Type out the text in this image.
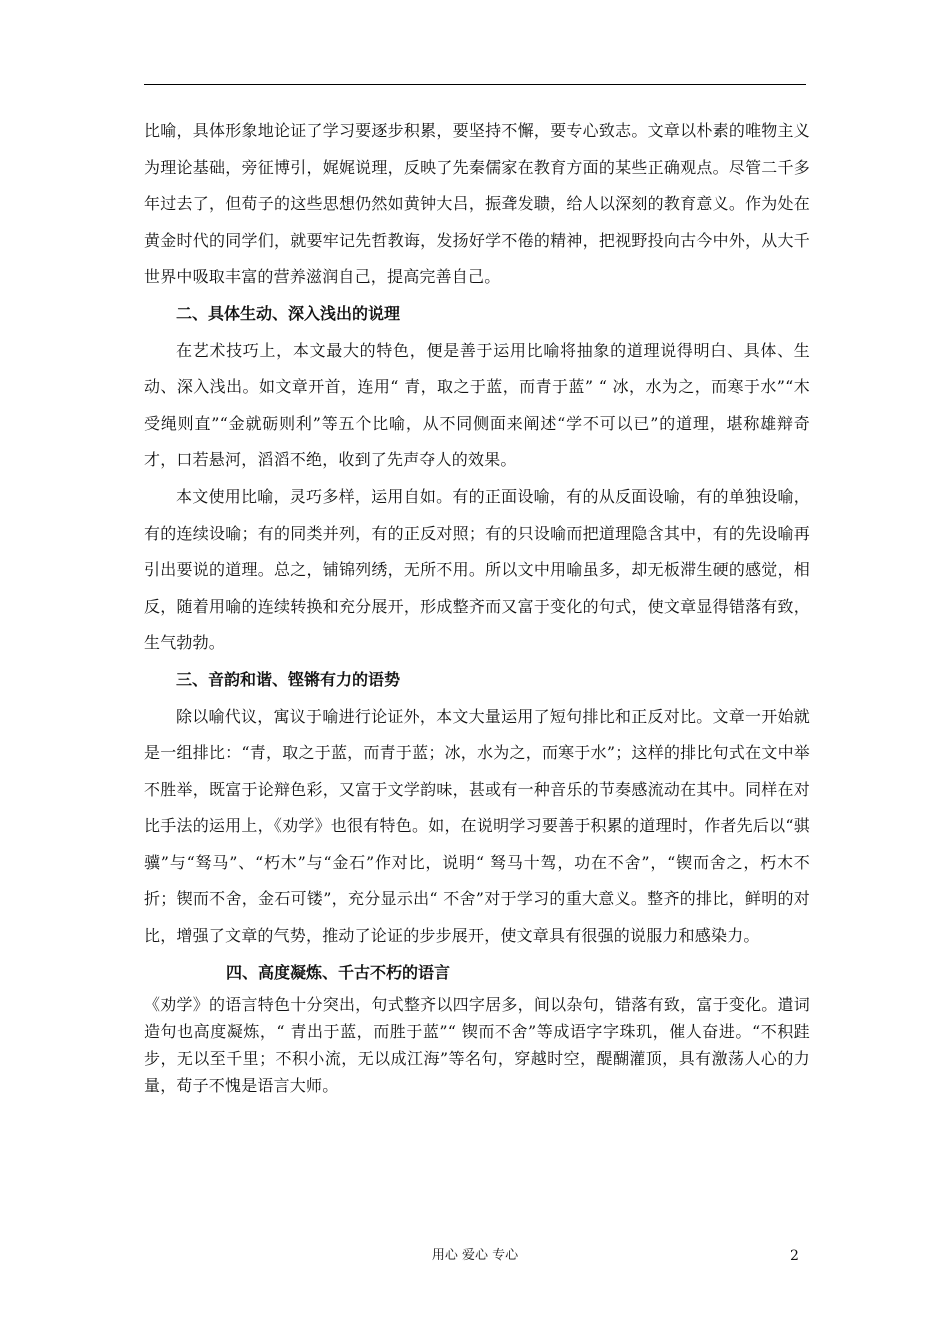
比喻，具体形象地论证了学习要逐步积累，要坚持不懈，要专心致志。文章以朴素的唯物主义为理论基础，旁征博引，娓娓说理，反映了先秦儒家在教育方面的某些正确观点。尽管二千多年过去了，但荀子的这些思想仍然如黄钟大吕，振聋发聩，给人以深刻的教育意义。作为处在黄金时代的同学们，就要牢记先哲教诲，发扬好学不倦的精神，把视野投向古今中外，从大千世界中吸取丰富的营养滋润自己，提高完善自己。

二、具体生动、深入浅出的说理

在艺术技巧上，本文最大的特色，便是善于运用比喻将抽象的道理说得明白、具体、生动、深入浅出。如文章开首，连用“ 青，取之于蓝，而青于蓝” “ 冰，水为之，而寒于水”“木受绳则直”“金就砺则利”等五个比喻，从不同侧面来阐述“学不可以已”的道理，堪称雄辩奇才，口若悬河，滔滔不绝，收到了先声夺人的效果。

本文使用比喻，灵巧多样，运用自如。有的正面设喻，有的从反面设喻，有的单独设喻，有的连续设喻；有的同类并列，有的正反对照；有的只设喻而把道理隐含其中，有的先设喻再引出要说的道理。总之，铺锦列绣，无所不用。所以文中用喻虽多，却无板滞生硬的感觉，相反，随着用喻的连续转换和充分展开，形成整齐而又富于变化的句式，使文章显得错落有致，生气勃勃。

三、音韵和谐、铿锵有力的语势

除以喻代议，寓议于喻进行论证外，本文大量运用了短句排比和正反对比。文章一开始就是一组排比：“青，取之于蓝，而青于蓝；冰，水为之，而寒于水”；这样的排比句式在文中举不胜举，既富于论辩色彩，又富于文学韵味，甚或有一种音乐的节奏感流动在其中。同样在对比手法的运用上，《劝学》也很有特色。如，在说明学习要善于积累的道理时，作者先后以“骐骥”与“驽马”、“朽木”与“金石”作对比，说明“ 驽马十驾，功在不舍”，“锲而舍之，朽木不折；锲而不舍，金石可镂”，充分显示出“ 不舍”对于学习的重大意义。整齐的排比，鲜明的对比，增强了文章的气势，推动了论证的步步展开，使文章具有很强的说服力和感染力。

四、高度凝炼、千古不朽的语言

《劝学》的语言特色十分突出，句式整齐以四字居多，间以杂句，错落有致，富于变化。遣词造句也高度凝炼，“ 青出于蓝，而胜于蓝”“ 锲而不舍”等成语字字珠玑，催人奋进。“不积跬步，无以至千里；不积小流，无以成江海”等名句，穿越时空，醍醐灌顶，具有激荡人心的力量，荀子不愧是语言大师。

用心 爱心 专心	2
